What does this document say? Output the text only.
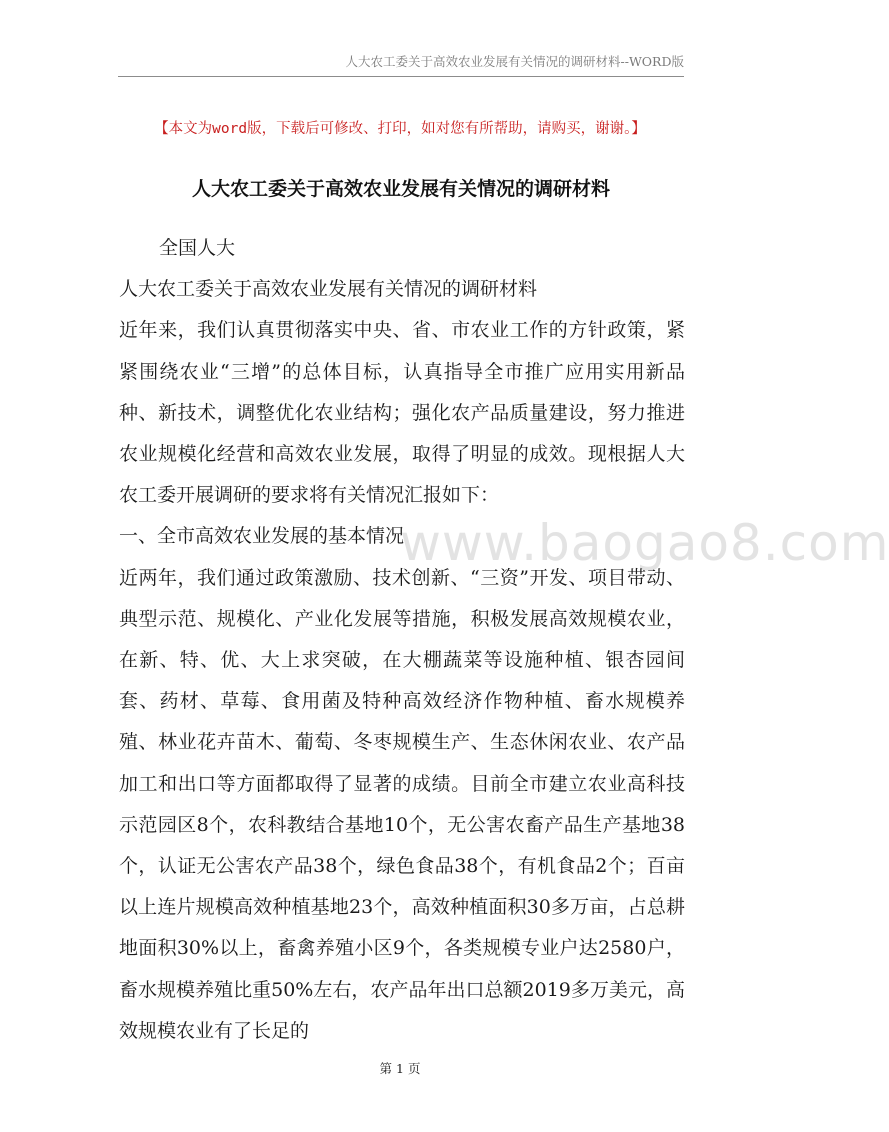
人大农工委关于高效农业发展有关情况的调研材料--WORD版
【本文为word版，下载后可修改、打印，如对您有所帮助，请购买，谢谢。】
人大农工委关于高效农业发展有关情况的调研材料
www.baogao8.com

全国人大

人大农工委关于高效农业发展有关情况的调研材料

近年来，我们认真贯彻落实中央、省、市农业工作的方针政策，紧紧围绕农业“三增”的总体目标，认真指导全市推广应用实用新品种、新技术，调整优化农业结构；强化农产品质量建设，努力推进农业规模化经营和高效农业发展，取得了明显的成效。现根据人大农工委开展调研的要求将有关情况汇报如下：

一、全市高效农业发展的基本情况

近两年，我们通过政策激励、技术创新、“三资”开发、项目带动、典型示范、规模化、产业化发展等措施，积极发展高效规模农业，在新、特、优、大上求突破，在大棚蔬菜等设施种植、银杏园间套、药材、草莓、食用菌及特种高效经济作物种植、畜水规模养殖、林业花卉苗木、葡萄、冬枣规模生产、生态休闲农业、农产品加工和出口等方面都取得了显著的成绩。目前全市建立农业高科技示范园区8个，农科教结合基地10个，无公害农畜产品生产基地38个，认证无公害农产品38个，绿色食品38个，有机食品2个；百亩以上连片规模高效种植基地23个，高效种植面积30多万亩，占总耕地面积30%以上，畜禽养殖小区9个，各类规模专业户达2580户，畜水规模养殖比重50%左右，农产品年出口总额2019多万美元，高效规模农业有了长足的

第 1 页
